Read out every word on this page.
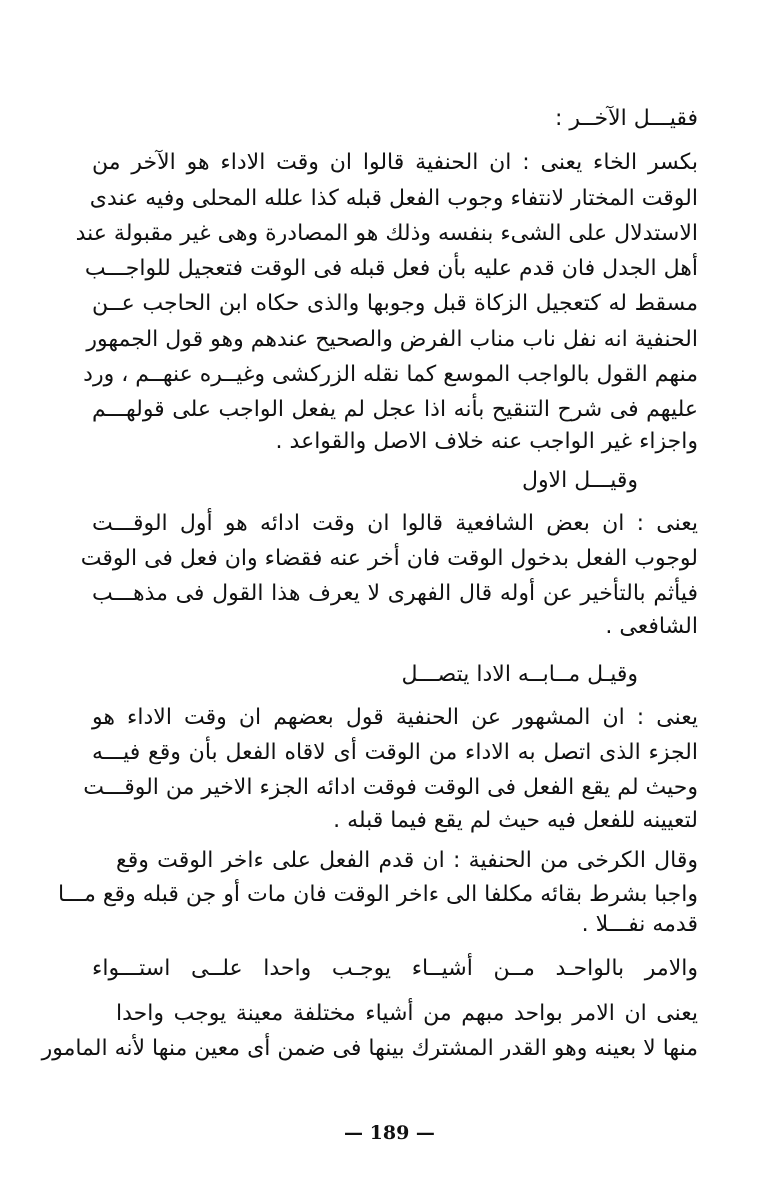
فقيـــل الآخــر :
بكسر الخاء يعنى : ان الحنفية قالوا ان وقت الاداء هو الآخر من
الوقت المختار لانتفاء وجوب الفعل قبله كذا علله المحلى وفيه عندى
الاستدلال على الشىء بنفسه وذلك هو المصادرة وهى غير مقبولة عند
أهل الجدل فان قدم عليه بأن فعل قبله فى الوقت فتعجيل للواجـــب
مسقط له كتعجيل الزكاة قبل وجوبها والذى حكاه ابن الحاجب عــن
الحنفية انه نفل ناب مناب الفرض والصحيح عندهم وهو قول الجمهور
منهم القول بالواجب الموسع كما نقله الزركشى وغيــره عنهــم ، ورد
عليهم فى شرح التنقيح بأنه اذا عجل لم يفعل الواجب على قولهـــم
واجزاء غير الواجب عنه خلاف الاصل والقواعد .
وقيـــل الاول
يعنى : ان بعض الشافعية قالوا ان وقت ادائه هو أول الوقـــت
لوجوب الفعل بدخول الوقت فان أخر عنه فقضاء وان فعل فى الوقت
فيأثم بالتأخير عن أوله قال الفهرى لا يعرف هذا القول فى مذهـــب
الشافعى .
وقيـل مــابــه الادا يتصـــل
يعنى : ان المشهور عن الحنفية قول بعضهم ان وقت الاداء هو
الجزء الذى اتصل به الاداء من الوقت أى لاقاه الفعل بأن وقع فيـــه
وحيث لم يقع الفعل فى الوقت فوقت ادائه الجزء الاخير من الوقـــت
لتعيينه للفعل فيه حيث لم يقع فيما قبله .
وقال الكرخى من الحنفية : ان قدم الفعل على ءاخر الوقت وقع
واجبا بشرط بقائه مكلفا الى ءاخر الوقت فان مات أو جن قبله وقع مـــا
قدمه نفـــلا .
والامر بالواحـد مــن أشيــاء يوجـب واحدا علــى استـــواء
يعنى ان الامر بواحد مبهم من أشياء مختلفة معينة يوجب واحدا
منها لا بعينه وهو القدر المشترك بينها فى ضمن أى معين منها لأنه المامور
— 189 —
